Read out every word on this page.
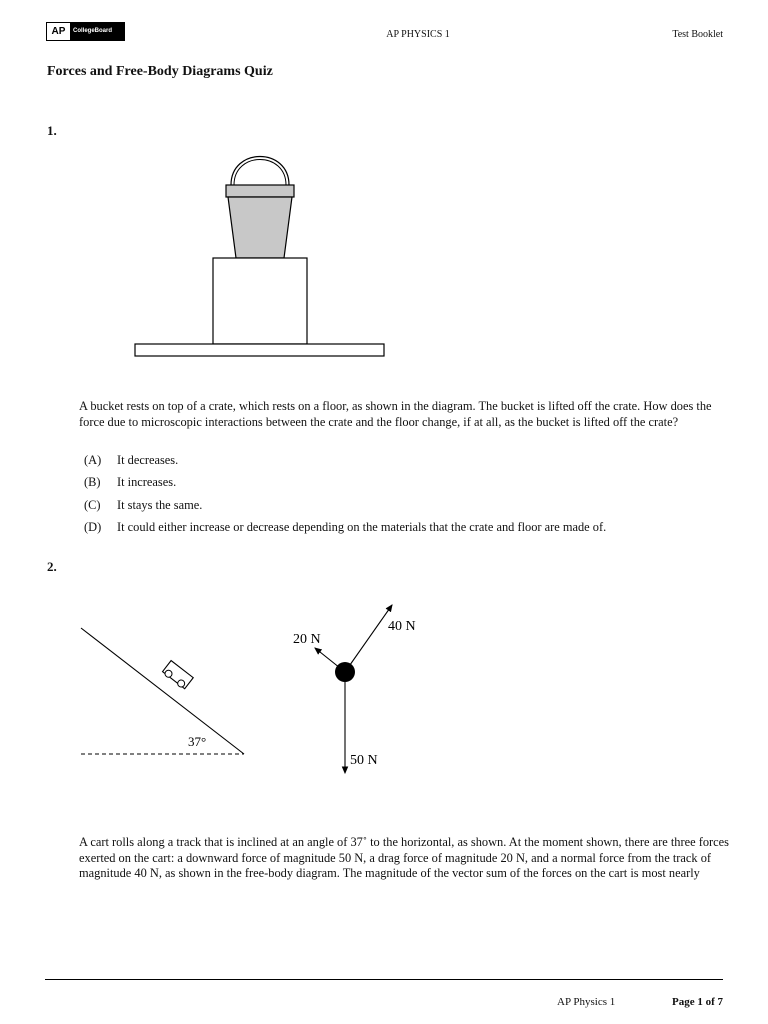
AP	CollegeBoard	AP PHYSICS 1	Test Booklet
Forces and Free-Body Diagrams Quiz
1.
A bucket rests on top of a crate, which rests on a floor, as shown in the diagram. The bucket is lifted off the crate. How does the force due to microscopic interactions between the crate and the floor change, if at all, as the bucket is lifted off the crate?
(A) It decreases.
(B) It increases.
(C) It stays the same.
(D) It could either increase or decrease depending on the materials that the crate and floor are made of.
2.
37°
40 N
20 N
50 N
A cart rolls along a track that is inclined at an angle of 37˚ to the horizontal, as shown. At the moment shown, there are three forces exerted on the cart: a downward force of magnitude 50 N, a drag force of magnitude 20 N, and a normal force from the track of magnitude 40 N, as shown in the free-body diagram. The magnitude of the vector sum of the forces on the cart is most nearly
AP Physics 1	Page 1 of 7
